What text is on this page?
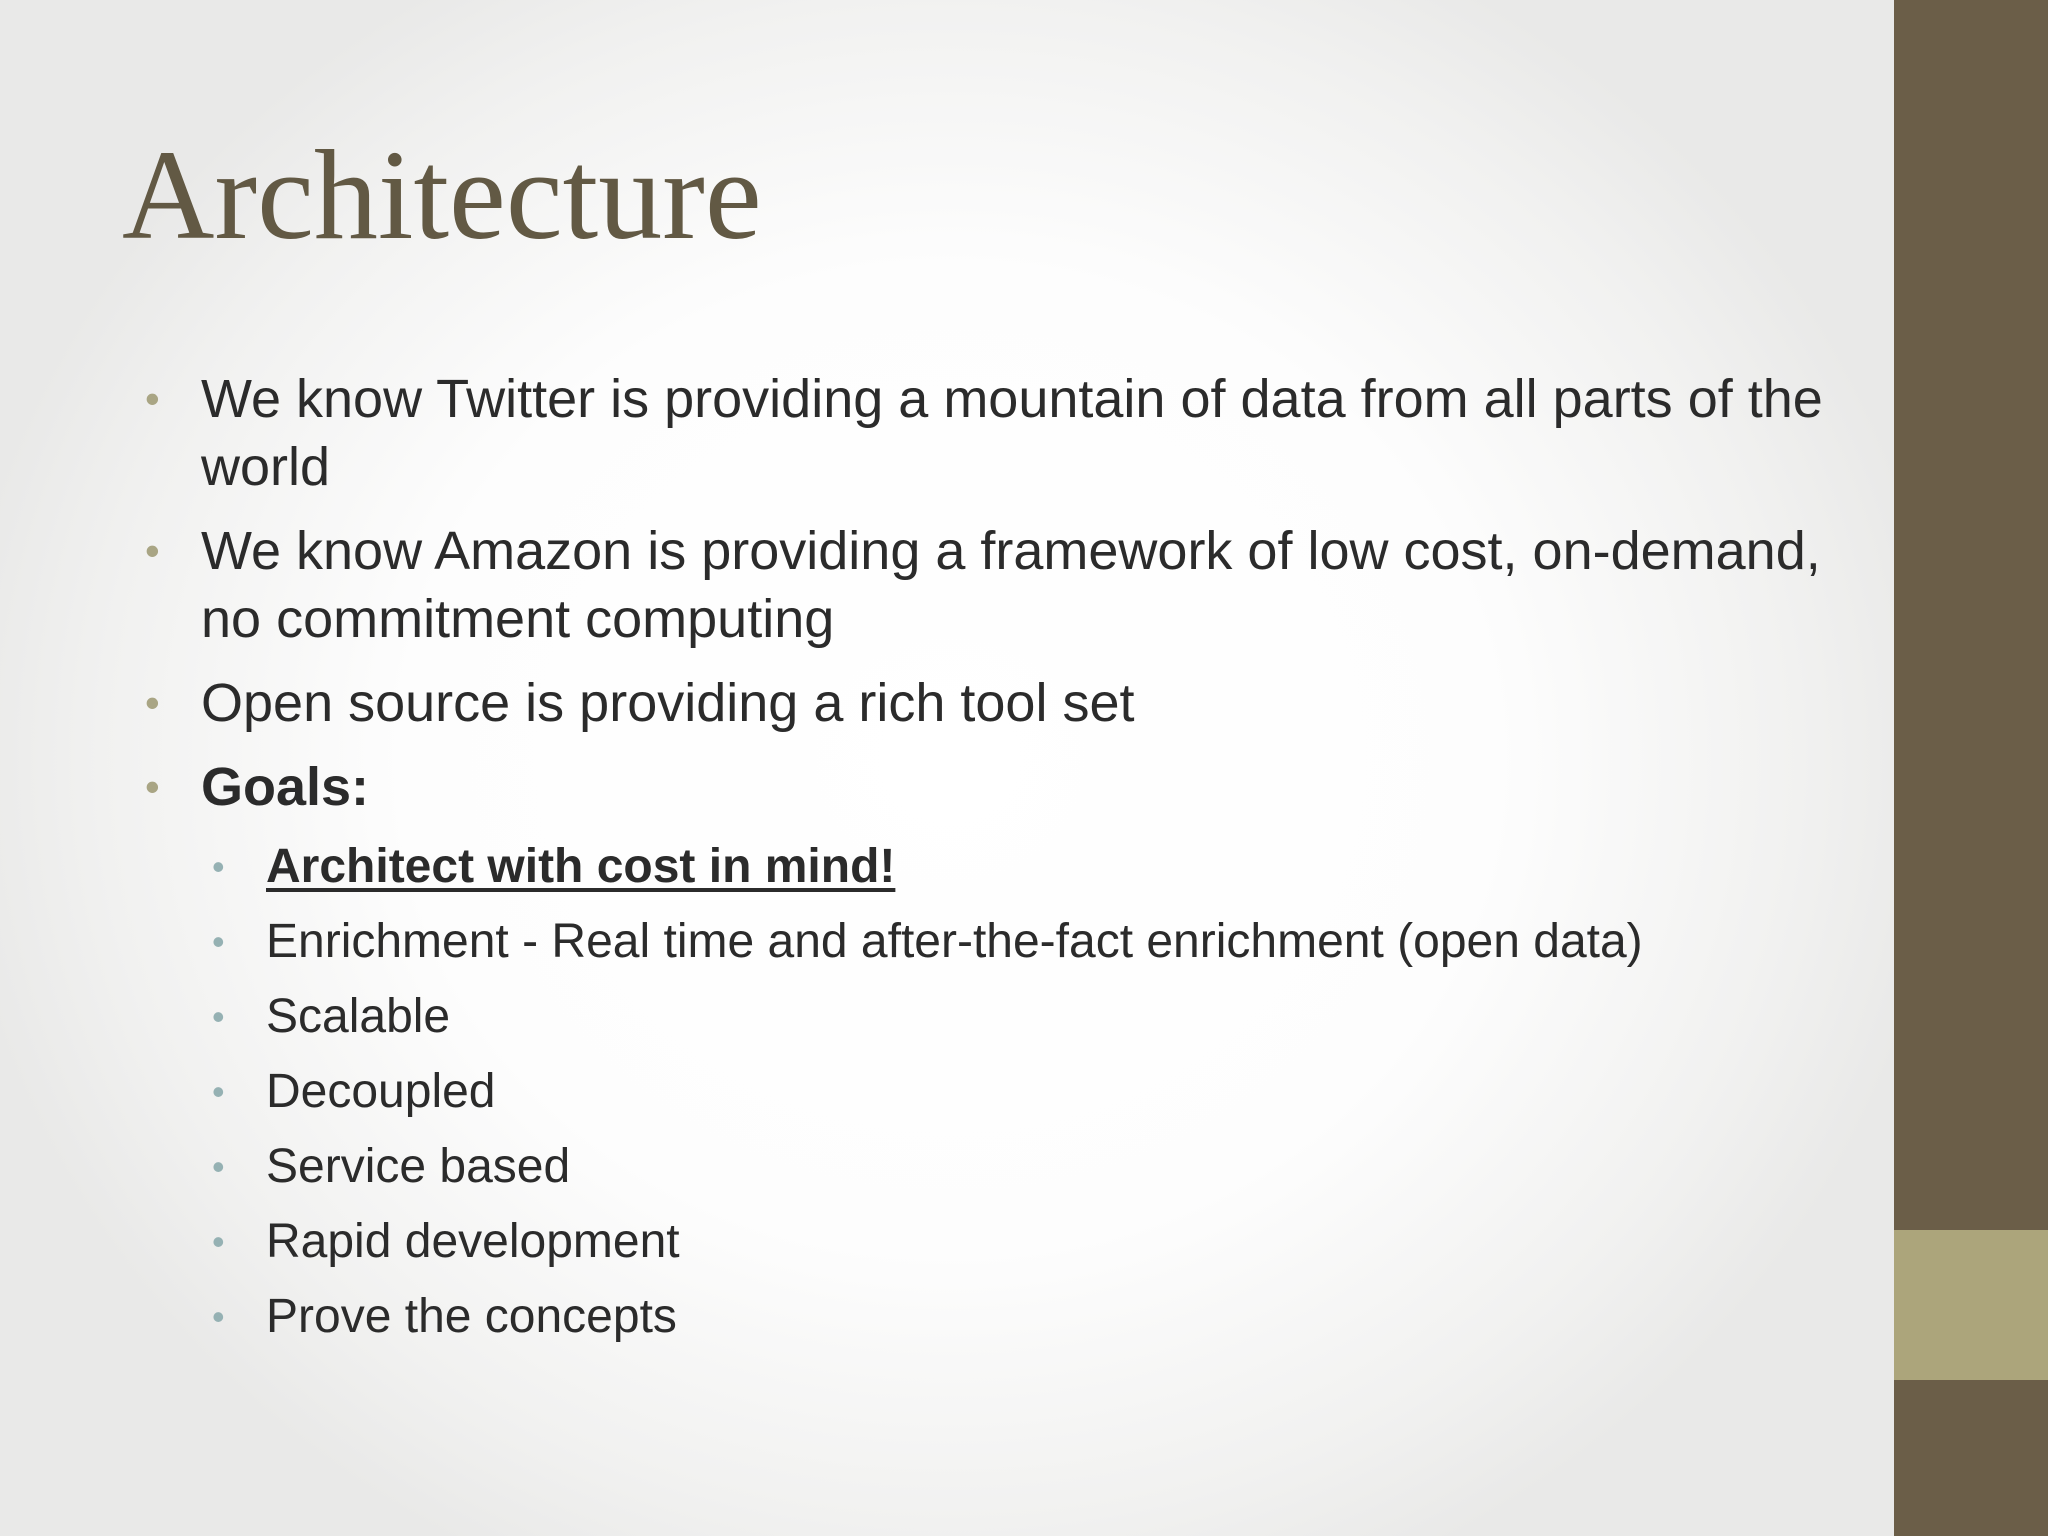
Architecture
• We know Twitter is providing a mountain of data from all parts of the world
• We know Amazon is providing a framework of low cost, on-demand, no commitment computing
• Open source is providing a rich tool set
• Goals:
• Architect with cost in mind!
• Enrichment - Real time and after-the-fact enrichment (open data)
• Scalable
• Decoupled
• Service based
• Rapid development
• Prove the concepts
